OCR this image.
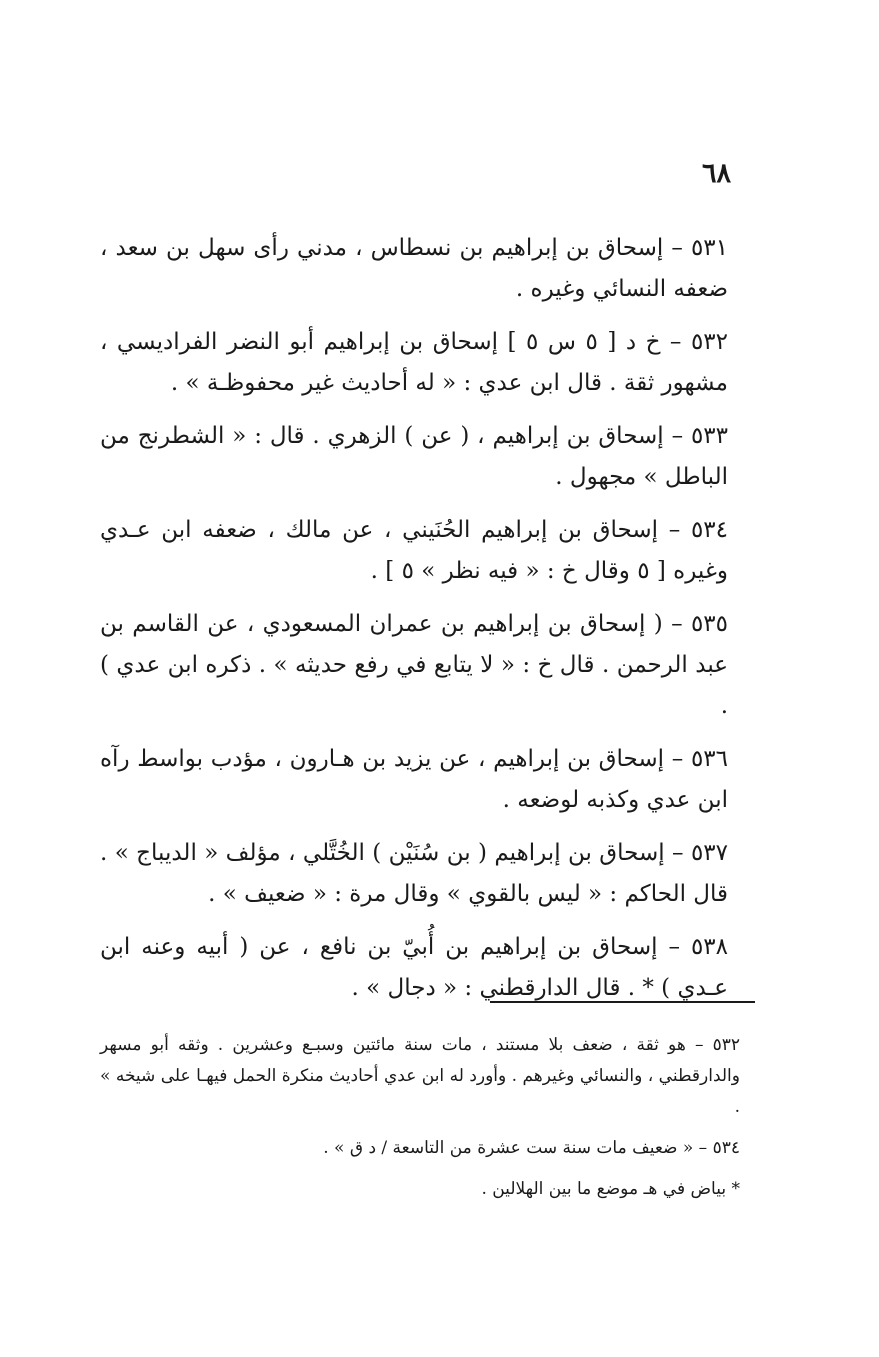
٦٨

٥٣١ – إسحاق بن إبراهيم بن نسطاس ، مدني رأى سهل بن سعد ، ضعفه النسائي وغيره .

٥٣٢ – خ د [ ٥ س ٥ ] إسحاق بن إبراهيم أبو النضر الفراديسي ، مشهور ثقة . قال ابن عدي : « له أحاديث غير محفوظـة » .

٥٣٣ – إسحاق بن إبراهيم ، ( عن ) الزهري . قال : « الشطرنج من الباطل » مجهول .

٥٣٤ – إسحاق بن إبراهيم الحُنَيني ، عن مالك ، ضعفه ابن عـدي وغيره [ ٥ وقال خ : « فيه نظر » ٥ ] .

٥٣٥ – ( إسحاق بن إبراهيم بن عمران المسعودي ، عن القاسم بن عبد الرحمن . قال خ : « لا يتابع في رفع حديثه » . ذكره ابن عدي ) .

٥٣٦ – إسحاق بن إبراهيم ، عن يزيد بن هـارون ، مؤدب بواسط رآه ابن عدي وكذبه لوضعه .

٥٣٧ – إسحاق بن إبراهيم ( بن سُنَيْن ) الخُتَّلي ، مؤلف « الديباج » . قال الحاكم : « ليس بالقوي » وقال مرة : « ضعيف » .

٥٣٨ – إسحاق بن إبراهيم بن أُبيّ بن نافع ، عن ( أبيه وعنه ابن عـدي ) * . قال الدارقطني : « دجال » .

٥٣٢ – هو ثقة ، ضعف بلا مستند ، مات سنة مائتين وسبـع وعشرين . وثقه أبو مسهر والدارقطني ، والنسائي وغيرهم . وأورد له ابن عدي أحاديث منكرة الحمل فيهـا على شيخه » .

٥٣٤ – « ضعيف مات سنة ست عشرة من التاسعة / د ق » .

* بياض في هـ موضع ما بين الهلالين .
